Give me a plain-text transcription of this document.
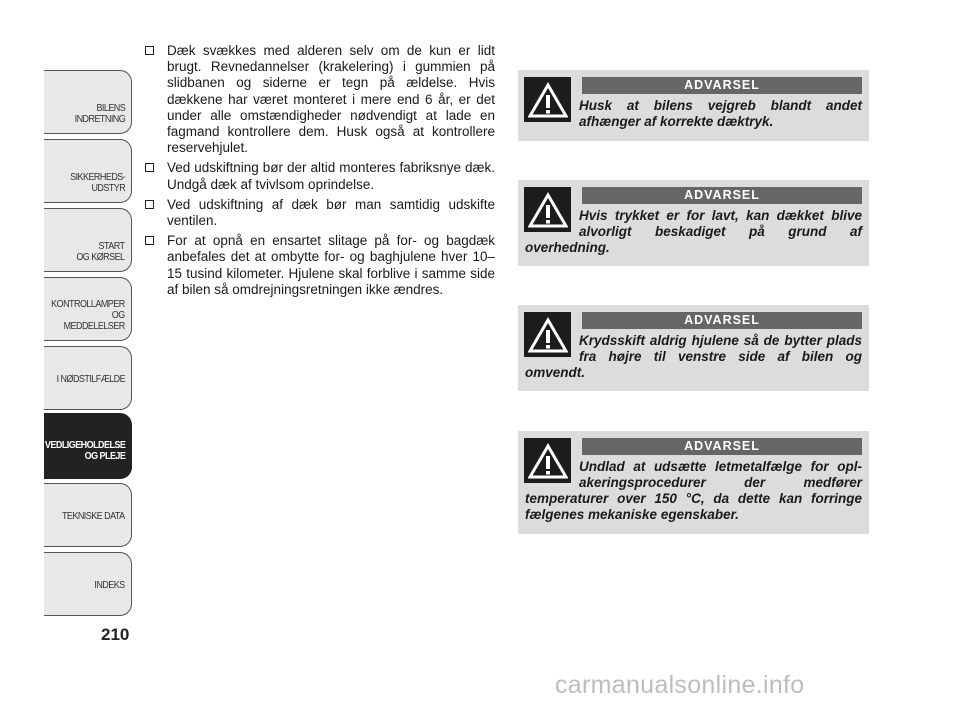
BILENS
INDRETNING
SIKKERHEDS-
UDSTYR
START
OG KØRSEL
KONTROLLAMPER
OG MEDDELELSER
I NØDSTILFÆLDE
VEDLIGEHOLDELSE
OG PLEJE
TEKNISKE DATA
INDEKS
210
Dæk svækkes med alderen selv om de kun er lidt brugt. Revnedannelser (krakelering) i gummien på slidbanen og siderne er tegn på ældelse. Hvis dækkene har været monteret i mere end 6 år, er det under alle omstændigheder nødvendigt at lade en fagmand kontrollere dem. Husk også at kontrollere reservehjulet.
Ved udskiftning bør der altid monteres fabriksnye dæk. Undgå dæk af tvivlsom oprindelse.
Ved udskiftning af dæk bør man samtidig udskifte ventilen.
For at opnå en ensartet slitage på for- og bagdæk anbefales det at ombytte for- og baghjulene hver 10–15 tusind kilometer. Hjulene skal forblive i samme side af bilen så omdrejningsretningen ikke ændres.
ADVARSEL
Husk at bilens vejgreb blandt andet afhænger af korrekte dæktryk.
ADVARSEL
Hvis trykket er for lavt, kan dækket blive alvorligt beskadiget på grund af overhedning.
ADVARSEL
Krydsskift aldrig hjulene så de bytter plads fra højre til venstre side af bilen og omvendt.
ADVARSEL
Undlad at udsætte letmetalfælge for oplakeringsprocedurer der medfører temperaturer over 150 °C, da dette kan forringe fælgenes mekaniske egenskaber.
carmanualsonline.info
